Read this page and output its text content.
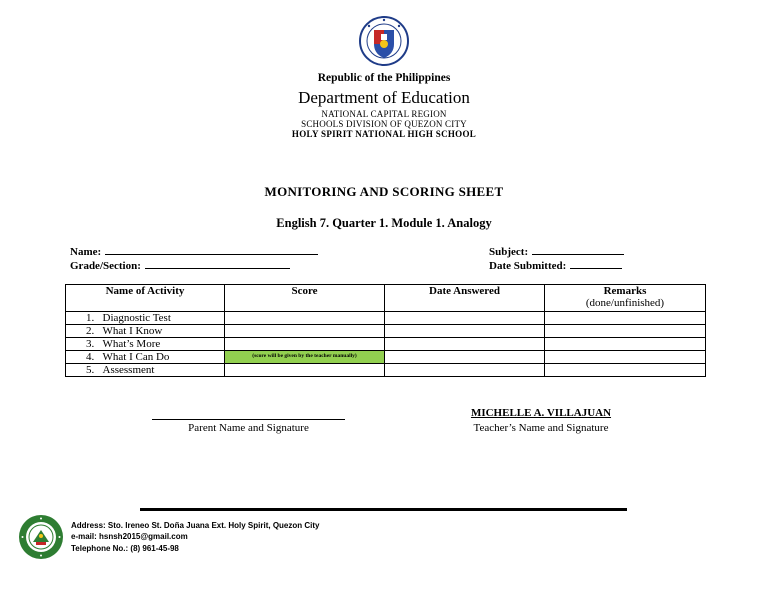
Republic of the Philippines
Department of Education
NATIONAL CAPITAL REGION
SCHOOLS DIVISION OF QUEZON CITY
HOLY SPIRIT NATIONAL HIGH SCHOOL
MONITORING AND SCORING SHEET
English 7. Quarter 1. Module 1. Analogy
Name:
Grade/Section:
Subject:
Date Submitted:
Name of Activity	Score	Date Answered	Remarks
(done/unfinished)

1. Diagnostic Test			
2. What I Know			
3. What’s More			
4. What I Can Do	(score will be given by the teacher manually)		
5. Assessment			
Parent Name and Signature
MICHELLE A. VILLAJUAN
Teacher’s Name and Signature
Address: Sto. Ireneo St. Doña Juana Ext. Holy Spirit, Quezon City
e-mail: hsnsh2015@gmail.com
Telephone No.: (8) 961-45-98
